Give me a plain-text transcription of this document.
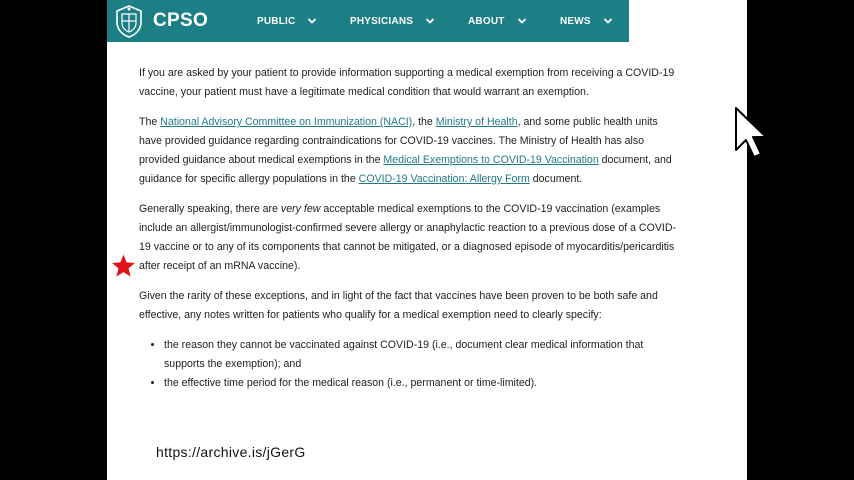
CPSO	PUBLIC	PHYSICIANS	ABOUT	NEWS

If you are asked by your patient to provide information supporting a medical exemption from receiving a COVID-19 vaccine, your patient must have a legitimate medical condition that would warrant an exemption.

The National Advisory Committee on Immunization (NACI), the Ministry of Health, and some public health units have provided guidance regarding contraindications for COVID-19 vaccines. The Ministry of Health has also provided guidance about medical exemptions in the Medical Exemptions to COVID-19 Vaccination document, and guidance for specific allergy populations in the COVID-19 Vaccination: Allergy Form document.

Generally speaking, there are very few acceptable medical exemptions to the COVID-19 vaccination (examples include an allergist/immunologist-confirmed severe allergy or anaphylactic reaction to a previous dose of a COVID-19 vaccine or to any of its components that cannot be mitigated, or a diagnosed episode of myocarditis/pericarditis after receipt of an mRNA vaccine).

Given the rarity of these exceptions, and in light of the fact that vaccines have been proven to be both safe and effective, any notes written for patients who qualify for a medical exemption need to clearly specify:

• the reason they cannot be vaccinated against COVID-19 (i.e., document clear medical information that supports the exemption); and
• the effective time period for the medical reason (i.e., permanent or time-limited).
https://archive.is/jGerG
